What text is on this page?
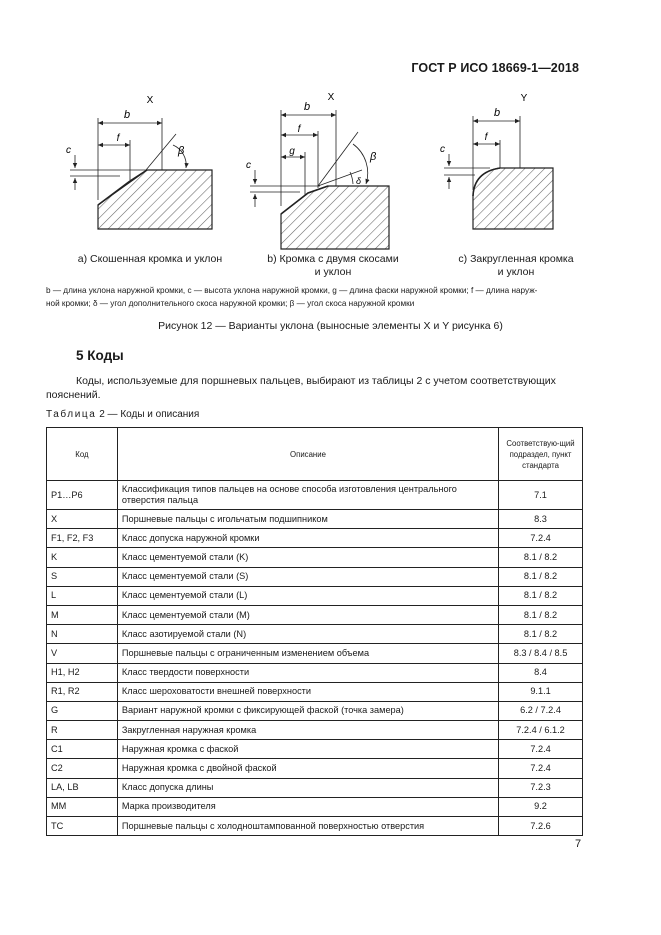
ГОСТ Р ИСО 18669-1—2018
X
b
f
c	β
X
b
f
g
c
β
δ
Y
b
f
c
a) Скошенная кромка и уклон	b) Кромка с двумя скосами
и уклон
с) Закругленная кромка
и уклон

b — длина уклона наружной кромки, c — высота уклона наружной кромки, g — длина фаски наружной кромки; f — длина наруж-

ной кромки; δ — угол дополнительного скоса наружной кромки; β — угол скоса наружной кромки

Рисунок 12 — Варианты уклона (выносные элементы X и Y рисунка 6)
5 Коды
Коды, используемые для поршневых пальцев, выбирают из таблицы 2 с учетом соответствующих пояснений.
Таблица 2 — Коды и описания
Код	Описание	Соответствую-щий подраздел, пункт стандарта
P1…P6	Классификация типов пальцев на основе способа изготовления центрального отверстия пальца	7.1
X	Поршневые пальцы с игольчатым подшипником	8.3
F1, F2, F3	Класс допуска наружной кромки	7.2.4
K	Класс цементуемой стали (K)	8.1 / 8.2
S	Класс цементуемой стали (S)	8.1 / 8.2
L	Класс цементуемой стали (L)	8.1 / 8.2
M	Класс цементуемой стали (M)	8.1 / 8.2
N	Класс азотируемой стали (N)	8.1 / 8.2
V	Поршневые пальцы с ограниченным изменением объема	8.3 / 8.4 / 8.5
H1, H2	Класс твердости поверхности	8.4
R1, R2	Класс шероховатости внешней поверхности	9.1.1
G	Вариант наружной кромки с фиксирующей фаской (точка замера)	6.2 / 7.2.4
R	Закругленная наружная кромка	7.2.4 / 6.1.2
C1	Наружная кромка с фаской	7.2.4
C2	Наружная кромка с двойной фаской	7.2.4
LA, LB	Класс допуска длины	7.2.3
MM	Марка производителя	9.2
TC	Поршневые пальцы с холодноштампованной поверхностью отверстия	7.2.6
7
